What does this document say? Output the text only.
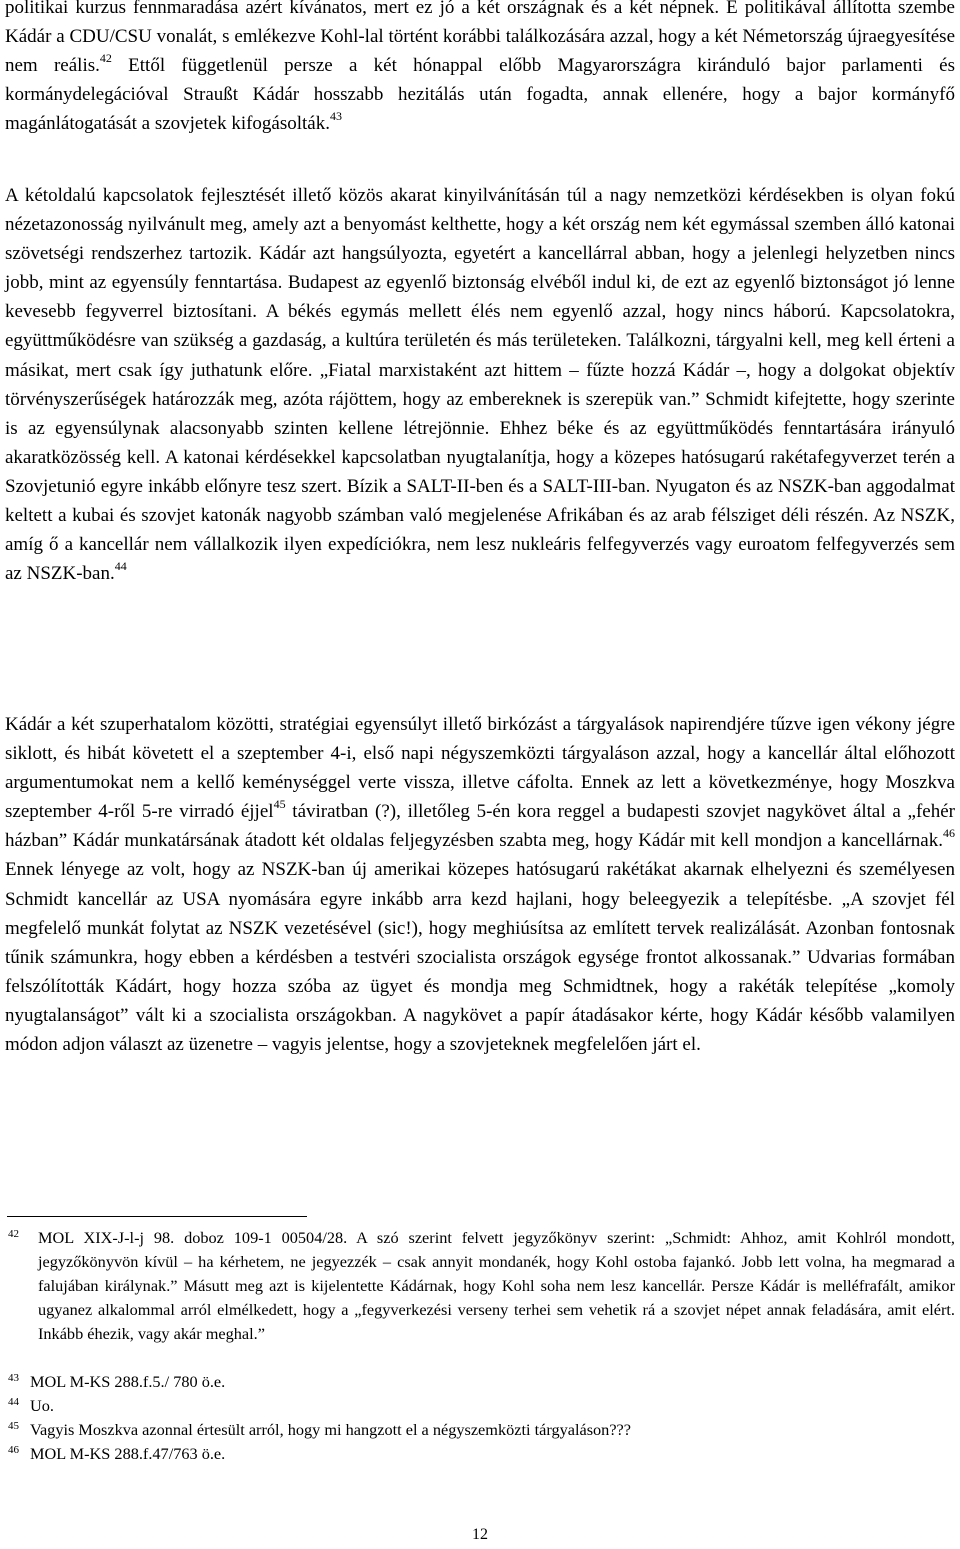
politikai kurzus fennmaradása azért kívánatos, mert ez jó a két országnak és a két népnek. E politikával állította szembe Kádár a CDU/CSU vonalát, s emlékezve Kohl-lal történt korábbi találkozására azzal, hogy a két Németország újraegyesítése nem reális.$^{42}$ Ettől függetlenül persze a két hónappal előbb Magyarországra kiránduló bajor parlamenti és kormánydelegációval Straußt Kádár hosszabb hezitálás után fogadta, annak ellenére, hogy a bajor kormányfő magánlátogatását a szovjetek kifogásolták.$^{43}$

A kétoldalú kapcsolatok fejlesztését illető közös akarat kinyilvánításán túl a nagy nemzetközi kérdésekben is olyan fokú nézetazonosság nyilvánult meg, amely azt a benyomást kelthette, hogy a két ország nem két egymással szemben álló katonai szövetségi rendszerhez tartozik. Kádár azt hangsúlyozta, egyetért a kancellárral abban, hogy a jelenlegi helyzetben nincs jobb, mint az egyensúly fenntartása. Budapest az egyenlő biztonság elvéből indul ki, de ezt az egyenlő biztonságot jó lenne kevesebb fegyverrel biztosítani. A békés egymás mellett élés nem egyenlő azzal, hogy nincs háború. Kapcsolatokra, együttműködésre van szükség a gazdaság, a kultúra területén és más területeken. Találkozni, tárgyalni kell, meg kell érteni a másikat, mert csak így juthatunk előre. „Fiatal marxistaként azt hittem ‒ fűzte hozzá Kádár ‒, hogy a dolgokat objektív törvényszerűségek határozzák meg, azóta rájöttem, hogy az embereknek is szerepük van.” Schmidt kifejtette, hogy szerinte is az egyensúlynak alacsonyabb szinten kellene létrejönnie. Ehhez béke és az együttműködés fenntartására irányuló akaratközösség kell. A katonai kérdésekkel kapcsolatban nyugtalanítja, hogy a közepes hatósugarú rakétafegyverzet terén a Szovjetunió egyre inkább előnyre tesz szert. Bízik a SALT-II-ben és a SALT-III-ban. Nyugaton és az NSZK-ban aggodalmat keltett a kubai és szovjet katonák nagyobb számban való megjelenése Afrikában és az arab félsziget déli részén. Az NSZK, amíg ő a kancellár nem vállalkozik ilyen expedíciókra, nem lesz nukleáris felfegyverzés vagy euroatom felfegyverzés sem az NSZK-ban.$^{44}$

Kádár a két szuperhatalom közötti, stratégiai egyensúlyt illető birkózást a tárgyalások napirendjére tűzve igen vékony jégre siklott, és hibát követett el a szeptember 4-i, első napi négyszemközti tárgyaláson azzal, hogy a kancellár által előhozott argumentumokat nem a kellő keménységgel verte vissza, illetve cáfolta. Ennek az lett a következménye, hogy Moszkva szeptember 4-ről 5-re virradó éjjel$^{45}$ táviratban (?), illetőleg 5-én kora reggel a budapesti szovjet nagykövet által a „fehér házban” Kádár munkatársának átadott két oldalas feljegyzésben szabta meg, hogy Kádár mit kell mondjon a kancellárnak.$^{46}$ Ennek lényege az volt, hogy az NSZK-ban új amerikai közepes hatósugarú rakétákat akarnak elhelyezni és személyesen Schmidt kancellár az USA nyomására egyre inkább arra kezd hajlani, hogy beleegyezik a telepítésbe. „A szovjet fél megfelelő munkát folytat az NSZK vezetésével (sic!), hogy meghiúsítsa az említett tervek realizálását. Azonban fontosnak tűnik számunkra, hogy ebben a kérdésben a testvéri szocialista országok egysége frontot alkossanak.” Udvarias formában felszólították Kádárt, hogy hozza szóba az ügyet és mondja meg Schmidtnek, hogy a rakéták telepítése „komoly nyugtalanságot” vált ki a szocialista országokban. A nagykövet a papír átadásakor kérte, hogy Kádár később valamilyen módon adjon választ az üzenetre ‒ vagyis jelentse, hogy a szovjeteknek megfelelően járt el.

42	MOL XIX-J-l-j 98. doboz 109-1 00504/28. A szó szerint felvett jegyzőkönyv szerint: „Schmidt: Ahhoz, amit Kohlról mondott, jegyzőkönyvön kívül ‒ ha kérhetem, ne jegyezzék ‒ csak annyit mondanék, hogy Kohl ostoba fajankó. Jobb lett volna, ha megmarad a falujában királynak.” Másutt meg azt is kijelentette Kádárnak, hogy Kohl soha nem lesz kancellár. Persze Kádár is melléfrafált, amikor ugyanez alkalommal arról elmélkedett, hogy a „fegyverkezési verseny terhei sem vehetik rá a szovjet népet annak feladására, amit elért. Inkább éhezik, vagy akár meghal.”

43 MOL M-KS 288.f.5./ 780 ö.e.

44 Uo.

45 Vagyis Moszkva azonnal értesült arról, hogy mi hangzott el a négyszemközti tárgyaláson???

46 MOL M-KS 288.f.47/763 ö.e.

12
